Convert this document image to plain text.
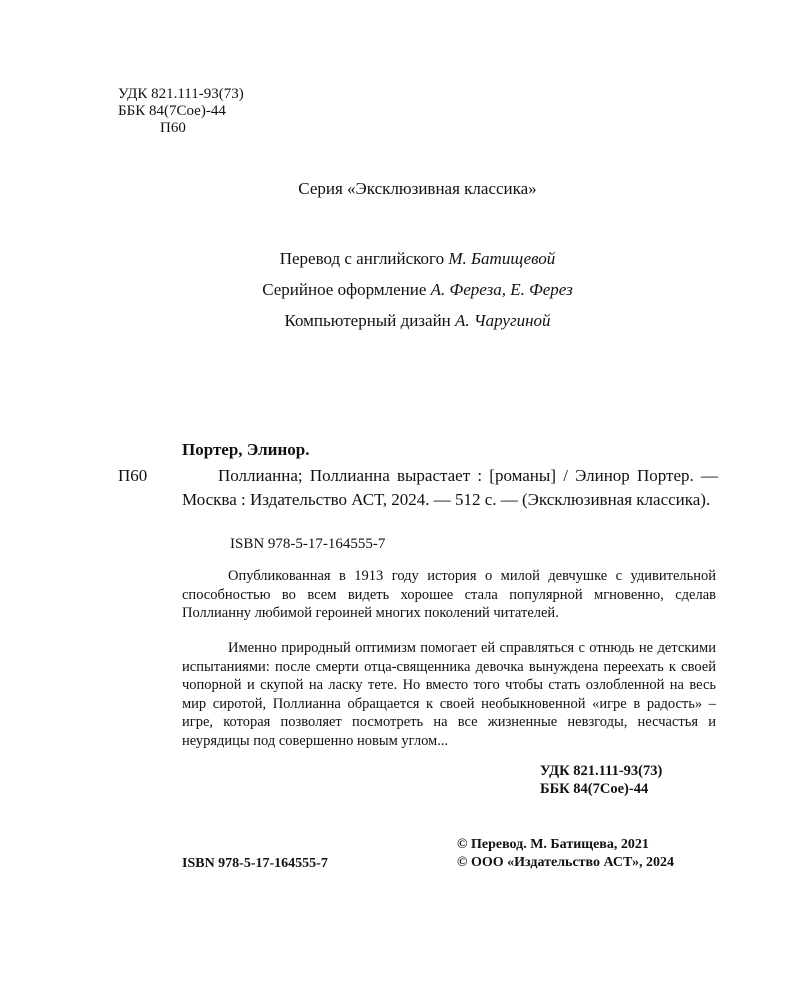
УДК 821.111-93(73)
ББК 84(7Сое)-44
П60
Серия «Эксклюзивная классика»
Перевод с английского М. Батищевой
Серийное оформление А. Фереза, Е. Ферез
Компьютерный дизайн А. Чаругиной
Портер, Элинор.
П60	Поллианна; Поллианна вырастает : [романы] / Элинор Портер. — Москва : Издательство АСТ, 2024. — 512 с. — (Эксклюзивная классика).
ISBN 978-5-17-164555-7
Опубликованная в 1913 году история о милой девчушке с удивительной способностью во всем видеть хорошее стала популярной мгновенно, сделав Поллианну любимой героиней многих поколений читателей.
Именно природный оптимизм помогает ей справляться с отнюдь не детскими испытаниями: после смерти отца-священника девочка вынуждена переехать к своей чопорной и скупой на ласку тете. Но вместо того чтобы стать озлобленной на весь мир сиротой, Поллианна обращается к своей необыкновенной «игре в радость» – игре, которая позволяет посмотреть на все жизненные невзгоды, несчастья и неурядицы под совершенно новым углом...
УДК 821.111-93(73)
ББК 84(7Сое)-44
© Перевод. М. Батищева, 2021
© ООО «Издательство АСТ», 2024
ISBN 978-5-17-164555-7
